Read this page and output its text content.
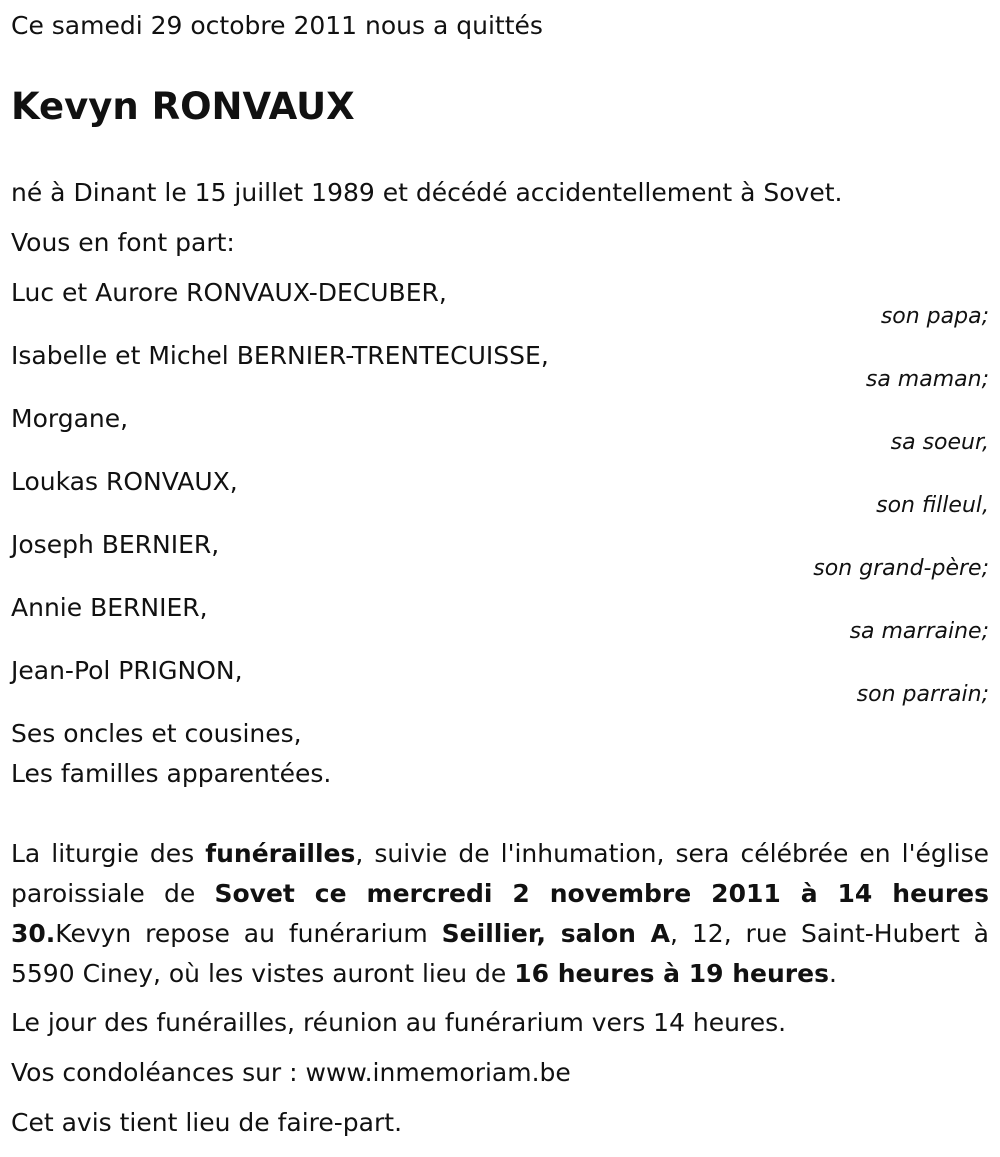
Ce samedi 29 octobre 2011 nous a quittés
Kevyn RONVAUX
né à Dinant le 15 juillet 1989 et décédé accidentellement à Sovet.
Vous en font part:
Luc et Aurore RONVAUX-DECUBER,
son papa;
Isabelle et Michel BERNIER-TRENTECUISSE,
sa maman;
Morgane,
sa soeur,
Loukas RONVAUX,
son filleul,
Joseph BERNIER,
son grand-père;
Annie BERNIER,
sa marraine;
Jean-Pol PRIGNON,
son parrain;
Ses oncles et cousines,
Les familles apparentées.
La liturgie des funérailles, suivie de l'inhumation, sera célébrée en l'église paroissiale de Sovet ce mercredi 2 novembre 2011 à 14 heures 30.Kevyn repose au funérarium Seillier, salon A, 12, rue Saint-Hubert à 5590 Ciney, où les vistes auront lieu de 16 heures à 19 heures.
Le jour des funérailles, réunion au funérarium vers 14 heures.
Vos condoléances sur : www.inmemoriam.be
Cet avis tient lieu de faire-part.
